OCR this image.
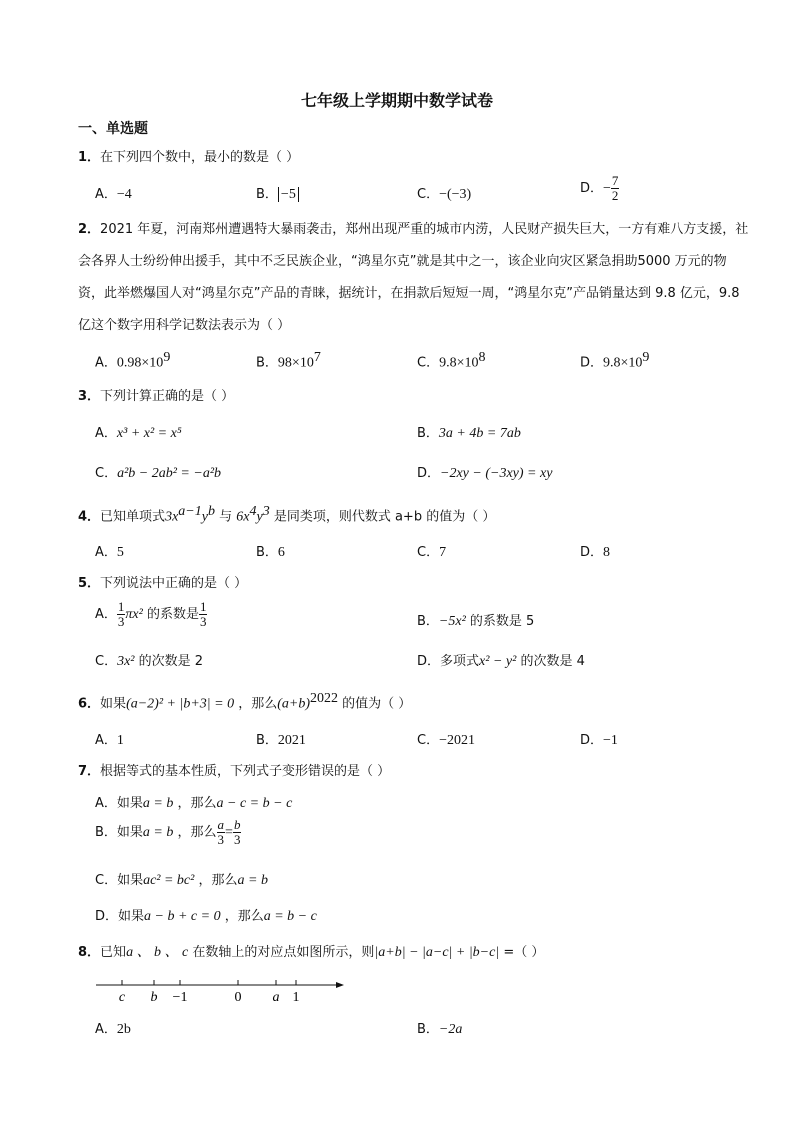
七年级上学期期中数学试卷
一、单选题
1．在下列四个数中，最小的数是（ ）
A．−4	B． −5	C．−(−3)	D．− $\frac{7}{2}$
2．2021 年夏，河南郑州遭遇特大暴雨袭击，郑州出现严重的城市内涝，人民财产损失巨大，一方有难八方支援，社会各界人士纷纷伸出援手，其中不乏民族企业，“鸿星尔克”就是其中之一，该企业向灾区紧急捐助5000 万元的物资，此举燃爆国人对“鸿星尔克”产品的青睐，据统计，在捐款后短短一周，“鸿星尔克”产品销量达到 9.8 亿元，9.8 亿这个数字用科学记数法表示为（ ）
A．$0.98\times 10^9$	B．$98\times 10^7$	C．$9.8\times 10^8$	D．$9.8\times 10^9$
3．下列计算正确的是（ ）
A．x³ + x² = x⁵	B．3a + 4b = 7ab
C．a²b − 2ab² = −a²b	D．−2xy − (−3xy) = xy
4．已知单项式$3x^{a-1}y^b$ 与 $6x^4y^3$ 是同类项，则代数式 a+b 的值为（ ）
A．5	B．6	C．7	D．8
5．下列说法中正确的是（ ）
A． $\frac{1}{3} \pi x^2$ 的系数是 $\frac{1}{3}$	B．−5x² 的系数是 5
C．3x² 的次数是 2	D．多项式x² − y² 的次数是 4
6．如果(a−2)² + |b+3| = 0 ，那么$(a+b)^{2022}$ 的值为（ ）
A．1	B．2021	C．−2021	D．−1
7．根据等式的基本性质，下列式子变形错误的是（ ）
A．如果a = b ，那么a − c = b − c
B．如果a = b ，那么 $\frac{a}{3} = \frac{b}{3}$
C．如果ac² = bc² ，那么a = b
D．如果a − b + c = 0 ，那么a = b − c
8．已知a 、 b 、 c 在数轴上的对应点如图所示，则|a+b| − |a−c| + |b−c| =（ ）
c b −1	0 a 1
A．2b	B．−2a
